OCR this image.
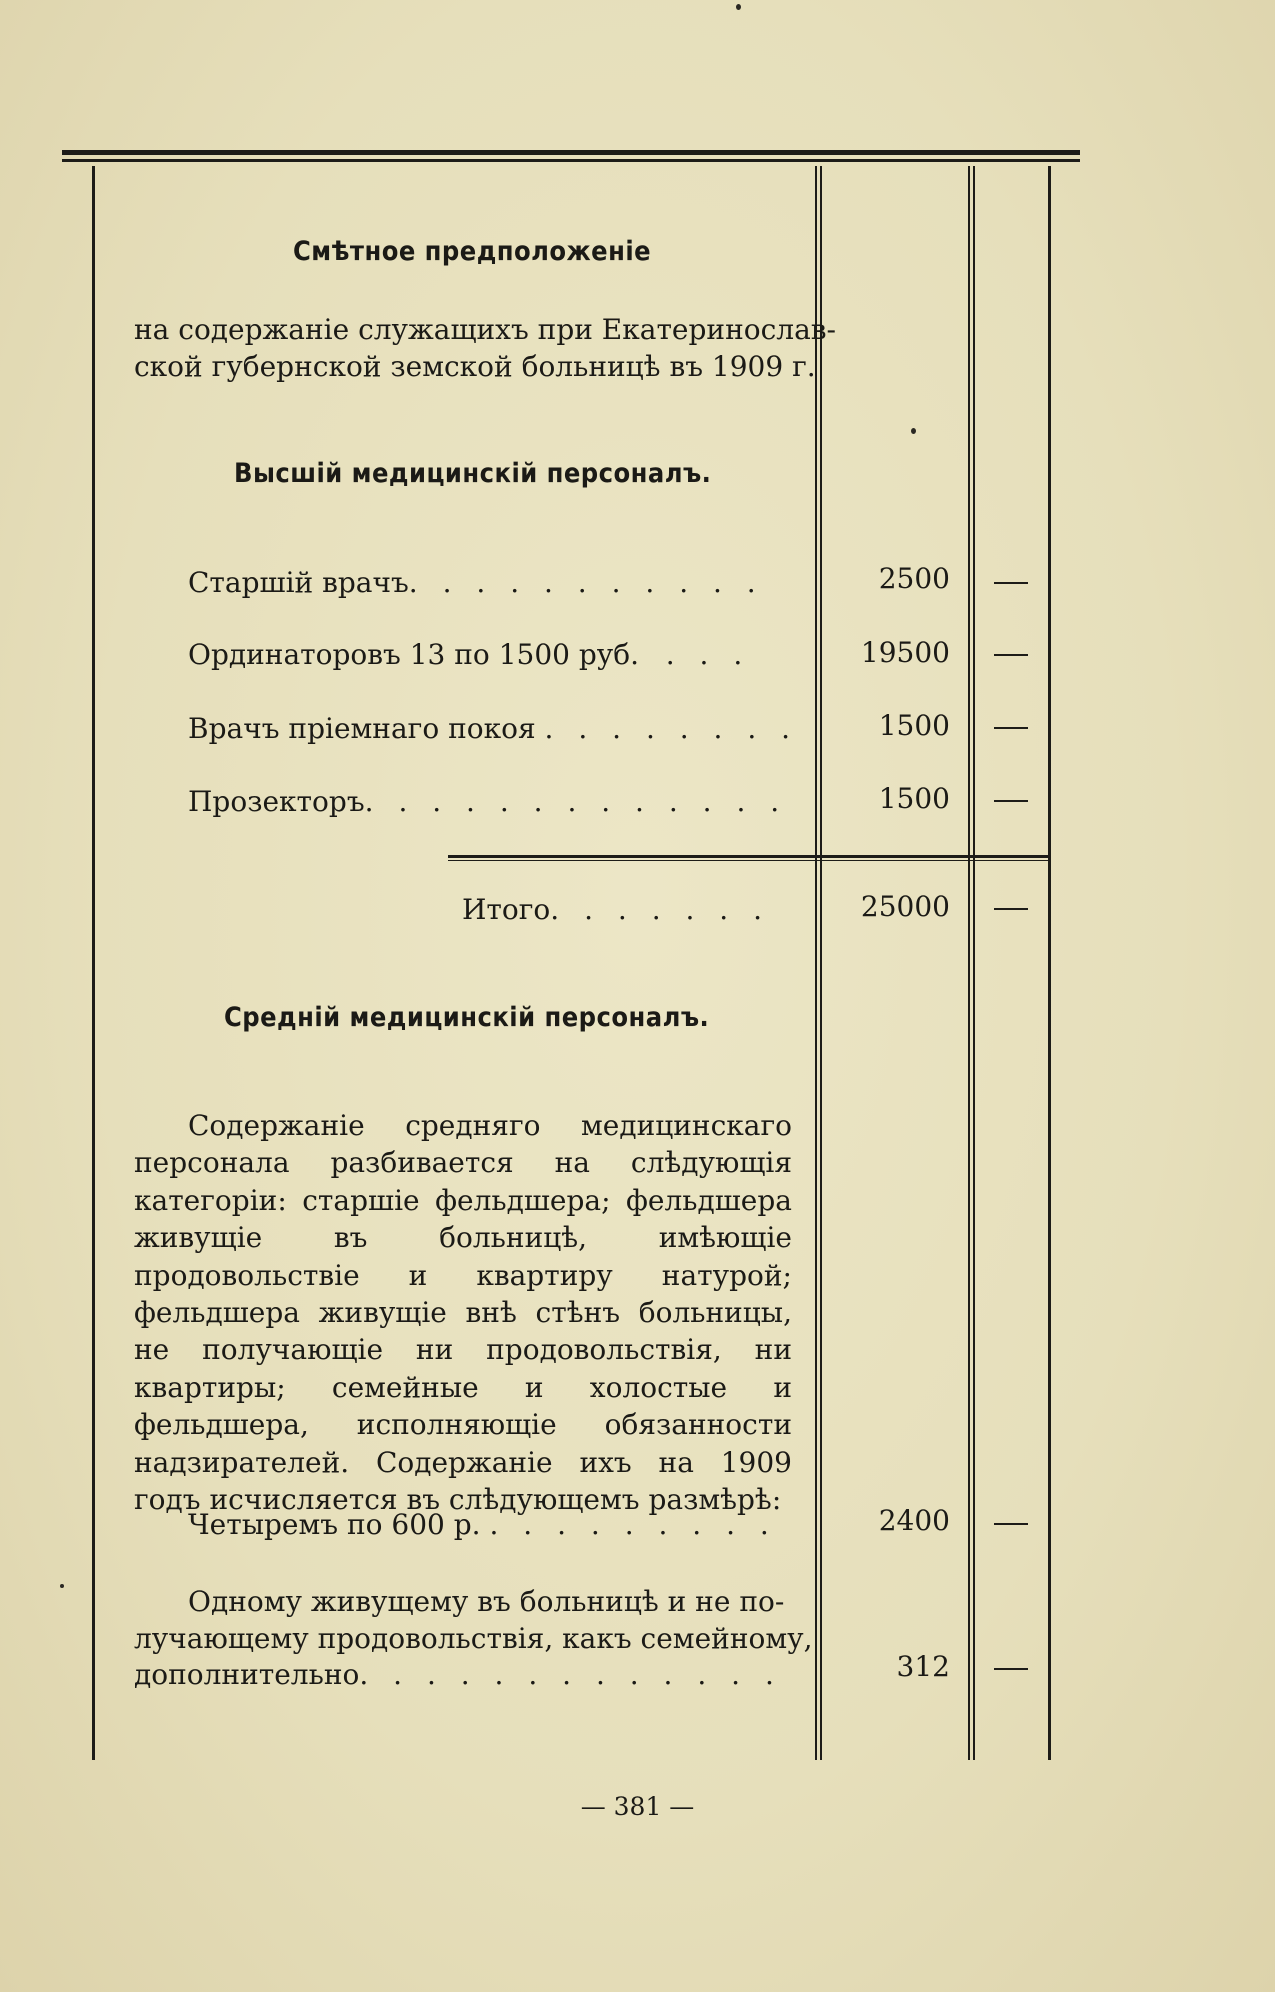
Смѣтное предположеніе
на содержаніе служащихъ при Екатеринослав-
ской губернской земской больницѣ въ 1909 г.
Высшій медицинскій персоналъ.
Старшій врачъ. . . . . . . . . . .	2500
Ординаторовъ 13 по 1500 руб. . . .	19500
Врачъ пріемнаго покоя . . . . . . . .	1500
Прозекторъ. . . . . . . . . . . . .	1500
Итого. . . . . . .	25000
Средній медицинскій персоналъ.
Содержаніе средняго медицинскаго персонала разбивается на слѣдующія категоріи: старшіе фельдшера; фельдшера живущіе въ больницѣ, имѣющіе продовольствіе и квартиру натурой; фельдшера живущіе внѣ стѣнъ больницы, не получающіе ни продовольствія, ни квартиры; семейные и холостые и фельдшера, исполняющіе обязанности надзирателей. Содержаніе ихъ на 1909 годъ исчисляется въ слѣдующемъ размѣрѣ:
Четыремъ по 600 р. . . . . . . . . .	2400
Одному живущему въ больницѣ и не по-
лучающему продовольствія, какъ семейному,
дополнительно. . . . . . . . . . . . .	312
— 381 —
